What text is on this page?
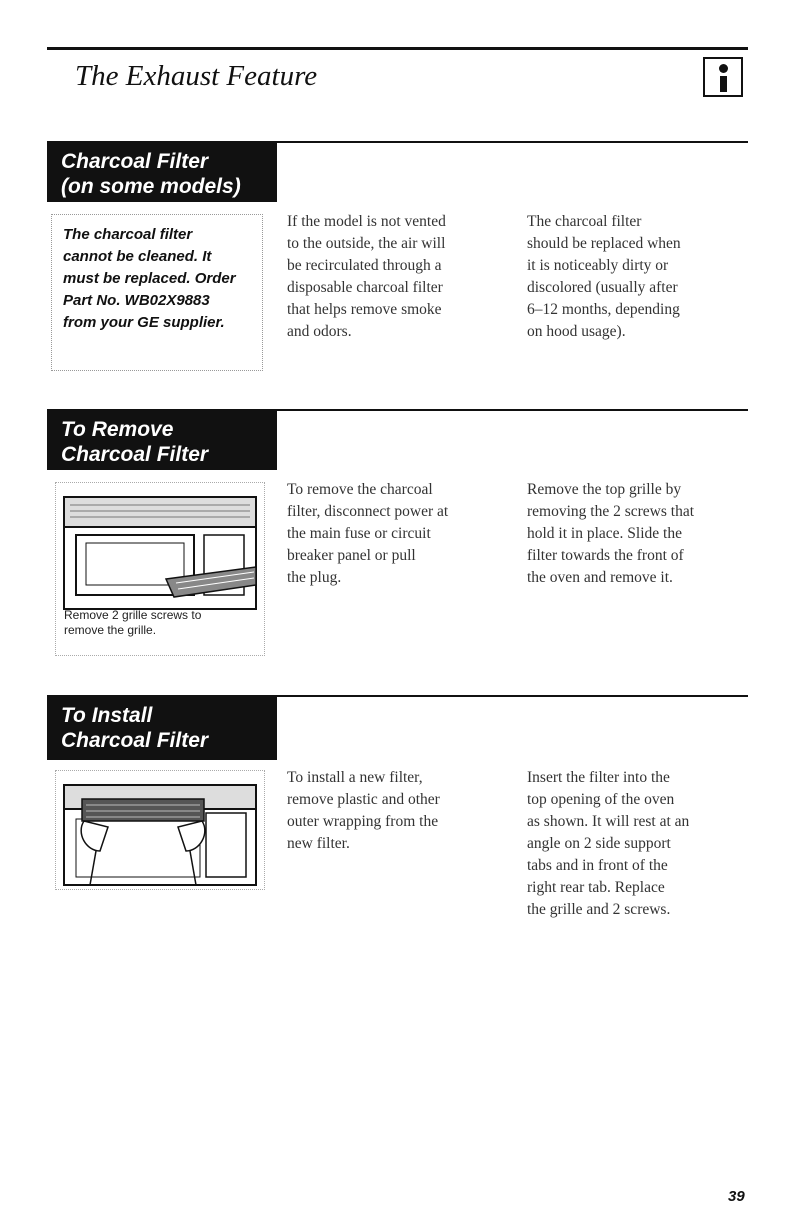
The Exhaust Feature
Charcoal Filter
(on some models)
The charcoal filter
cannot be cleaned. It
must be replaced. Order
Part No. WB02X9883
from your GE supplier.
If the model is not vented
to the outside, the air will
be recirculated through a
disposable charcoal filter
that helps remove smoke
and odors.
The charcoal filter
should be replaced when
it is noticeably dirty or
discolored (usually after
6–12 months, depending
on hood usage).
To Remove
Charcoal Filter
Remove 2 grille screws to
remove the grille.
To remove the charcoal
filter, disconnect power at
the main fuse or circuit
breaker panel or pull
the plug.
Remove the top grille by
removing the 2 screws that
hold it in place. Slide the
filter towards the front of
the oven and remove it.
To Install
Charcoal Filter
To install a new filter,
remove plastic and other
outer wrapping from the
new filter.
Insert the filter into the
top opening of the oven
as shown. It will rest at an
angle on 2 side support
tabs and in front of the
right rear tab. Replace
the grille and 2 screws.
39
